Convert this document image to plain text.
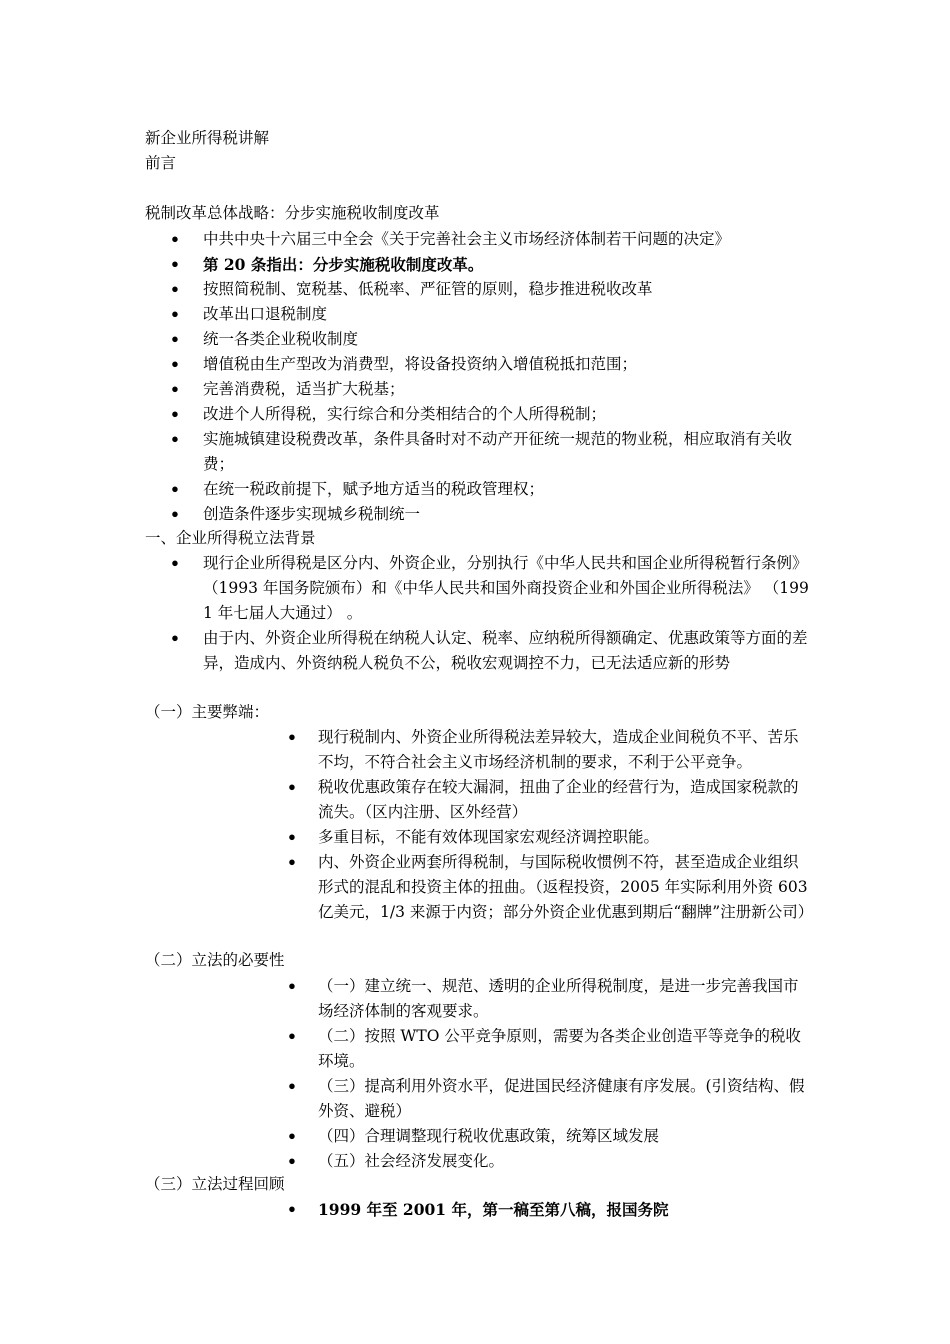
新企业所得税讲解
前言
税制改革总体战略：分步实施税收制度改革
• 中共中央十六届三中全会《关于完善社会主义市场经济体制若干问题的决定》
• 第 20 条指出：分步实施税收制度改革。
• 按照简税制、宽税基、低税率、严征管的原则，稳步推进税收改革
• 改革出口退税制度
• 统一各类企业税收制度
• 增值税由生产型改为消费型，将设备投资纳入增值税抵扣范围；
• 完善消费税，适当扩大税基；
• 改进个人所得税，实行综合和分类相结合的个人所得税制；
• 实施城镇建设税费改革，条件具备时对不动产开征统一规范的物业税，相应取消有关收费；
• 在统一税政前提下，赋予地方适当的税政管理权；
• 创造条件逐步实现城乡税制统一
一、企业所得税立法背景
• 现行企业所得税是区分内、外资企业，分别执行《中华人民共和国企业所得税暂行条例》 （1993 年国务院颁布）和《中华人民共和国外商投资企业和外国企业所得税法》 （1991 年七届人大通过） 。
• 由于内、外资企业所得税在纳税人认定、税率、应纳税所得额确定、优惠政策等方面的差异，造成内、外资纳税人税负不公，税收宏观调控不力，已无法适应新的形势
（一）主要弊端：
• 现行税制内、外资企业所得税法差异较大，造成企业间税负不平、苦乐不均，不符合社会主义市场经济机制的要求，不利于公平竞争。
• 税收优惠政策存在较大漏洞，扭曲了企业的经营行为，造成国家税款的流失。（区内注册、区外经营）
• 多重目标，不能有效体现国家宏观经济调控职能。
• 内、外资企业两套所得税制，与国际税收惯例不符，甚至造成企业组织形式的混乱和投资主体的扭曲。（返程投资，2005 年实际利用外资 603 亿美元，1/3 来源于内资；部分外资企业优惠到期后“翻牌”注册新公司）
（二）立法的必要性
• （一）建立统一、规范、透明的企业所得税制度，是进一步完善我国市场经济体制的客观要求。
• （二）按照 WTO 公平竞争原则，需要为各类企业创造平等竞争的税收环境。
• （三）提高利用外资水平，促进国民经济健康有序发展。(引资结构、假外资、避税）
• （四）合理调整现行税收优惠政策，统筹区域发展
• （五）社会经济发展变化。
（三）立法过程回顾
• 1999 年至 2001 年，第一稿至第八稿，报国务院
